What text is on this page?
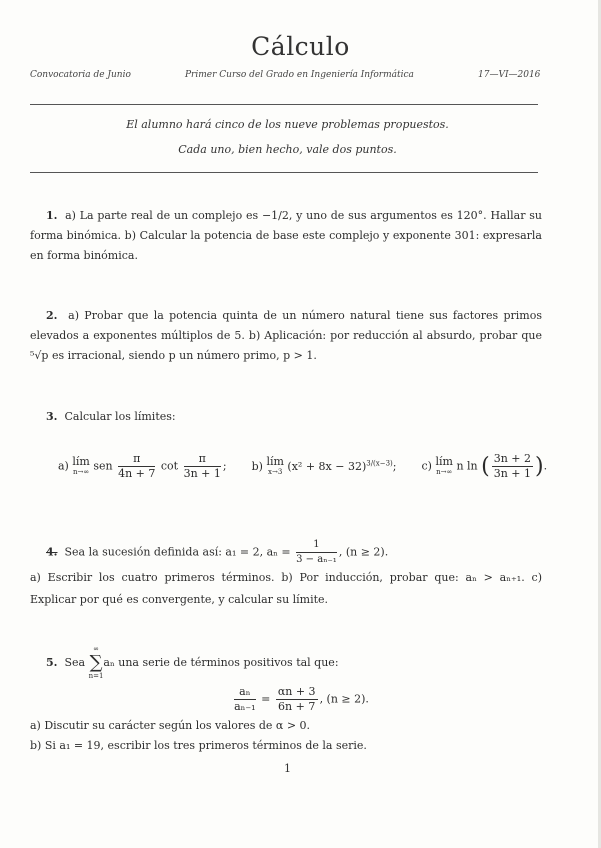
Cálculo
Convocatoria de Junio	Primer Curso del Grado en Ingeniería Informática	17—VI—2016
El alumno hará cinco de los nueve problemas propuestos.
Cada uno, bien hecho, vale dos puntos.
1. a) La parte real de un complejo es −1/2, y uno de sus argumentos es 120°. Hallar su forma binómica. b) Calcular la potencia de base este complejo y exponente 301: expresarla en forma binómica.
2. a) Probar que la potencia quinta de un número natural tiene sus factores primos elevados a exponentes múltiplos de 5. b) Aplicación: por reducción al absurdo, probar que ⁵√p es irracional, siendo p un número primo, p > 1.
3. Calcular los límites:
a) lím
n→∞ sen $\frac{\pi}{4n + 7}$ $\cot \frac{\pi}{3n + 1}$ ; b) lím
x→3 $(x^2 + 8x - 32)^{3/(x-3)}$; c) lím
n→∞ n ln ( $\frac{3n + 2}{3n + 1}$ ).
4. Sea la sucesión definida así: a₁ = 2, $a_n = \frac{1}{\text{3 − aₙ₋₁}}$ , (n ≥ 2).
a) Escribir los cuatro primeros términos. b) Por inducción, probar que: aₙ > aₙ₊₁. c) Explicar por qué es convergente, y calcular su límite.
5. Sea
∞
∑
n=1
aₙ una serie de términos positivos tal que:
$\frac{\text{aₙ}}{\text{aₙ₋₁}} = \frac{\alpha n + 3}{6n + 7}$ , (n ≥ 2).
a) Discutir su carácter según los valores de α > 0.
b) Si a₁ = 19, escribir los tres primeros términos de la serie.
1
